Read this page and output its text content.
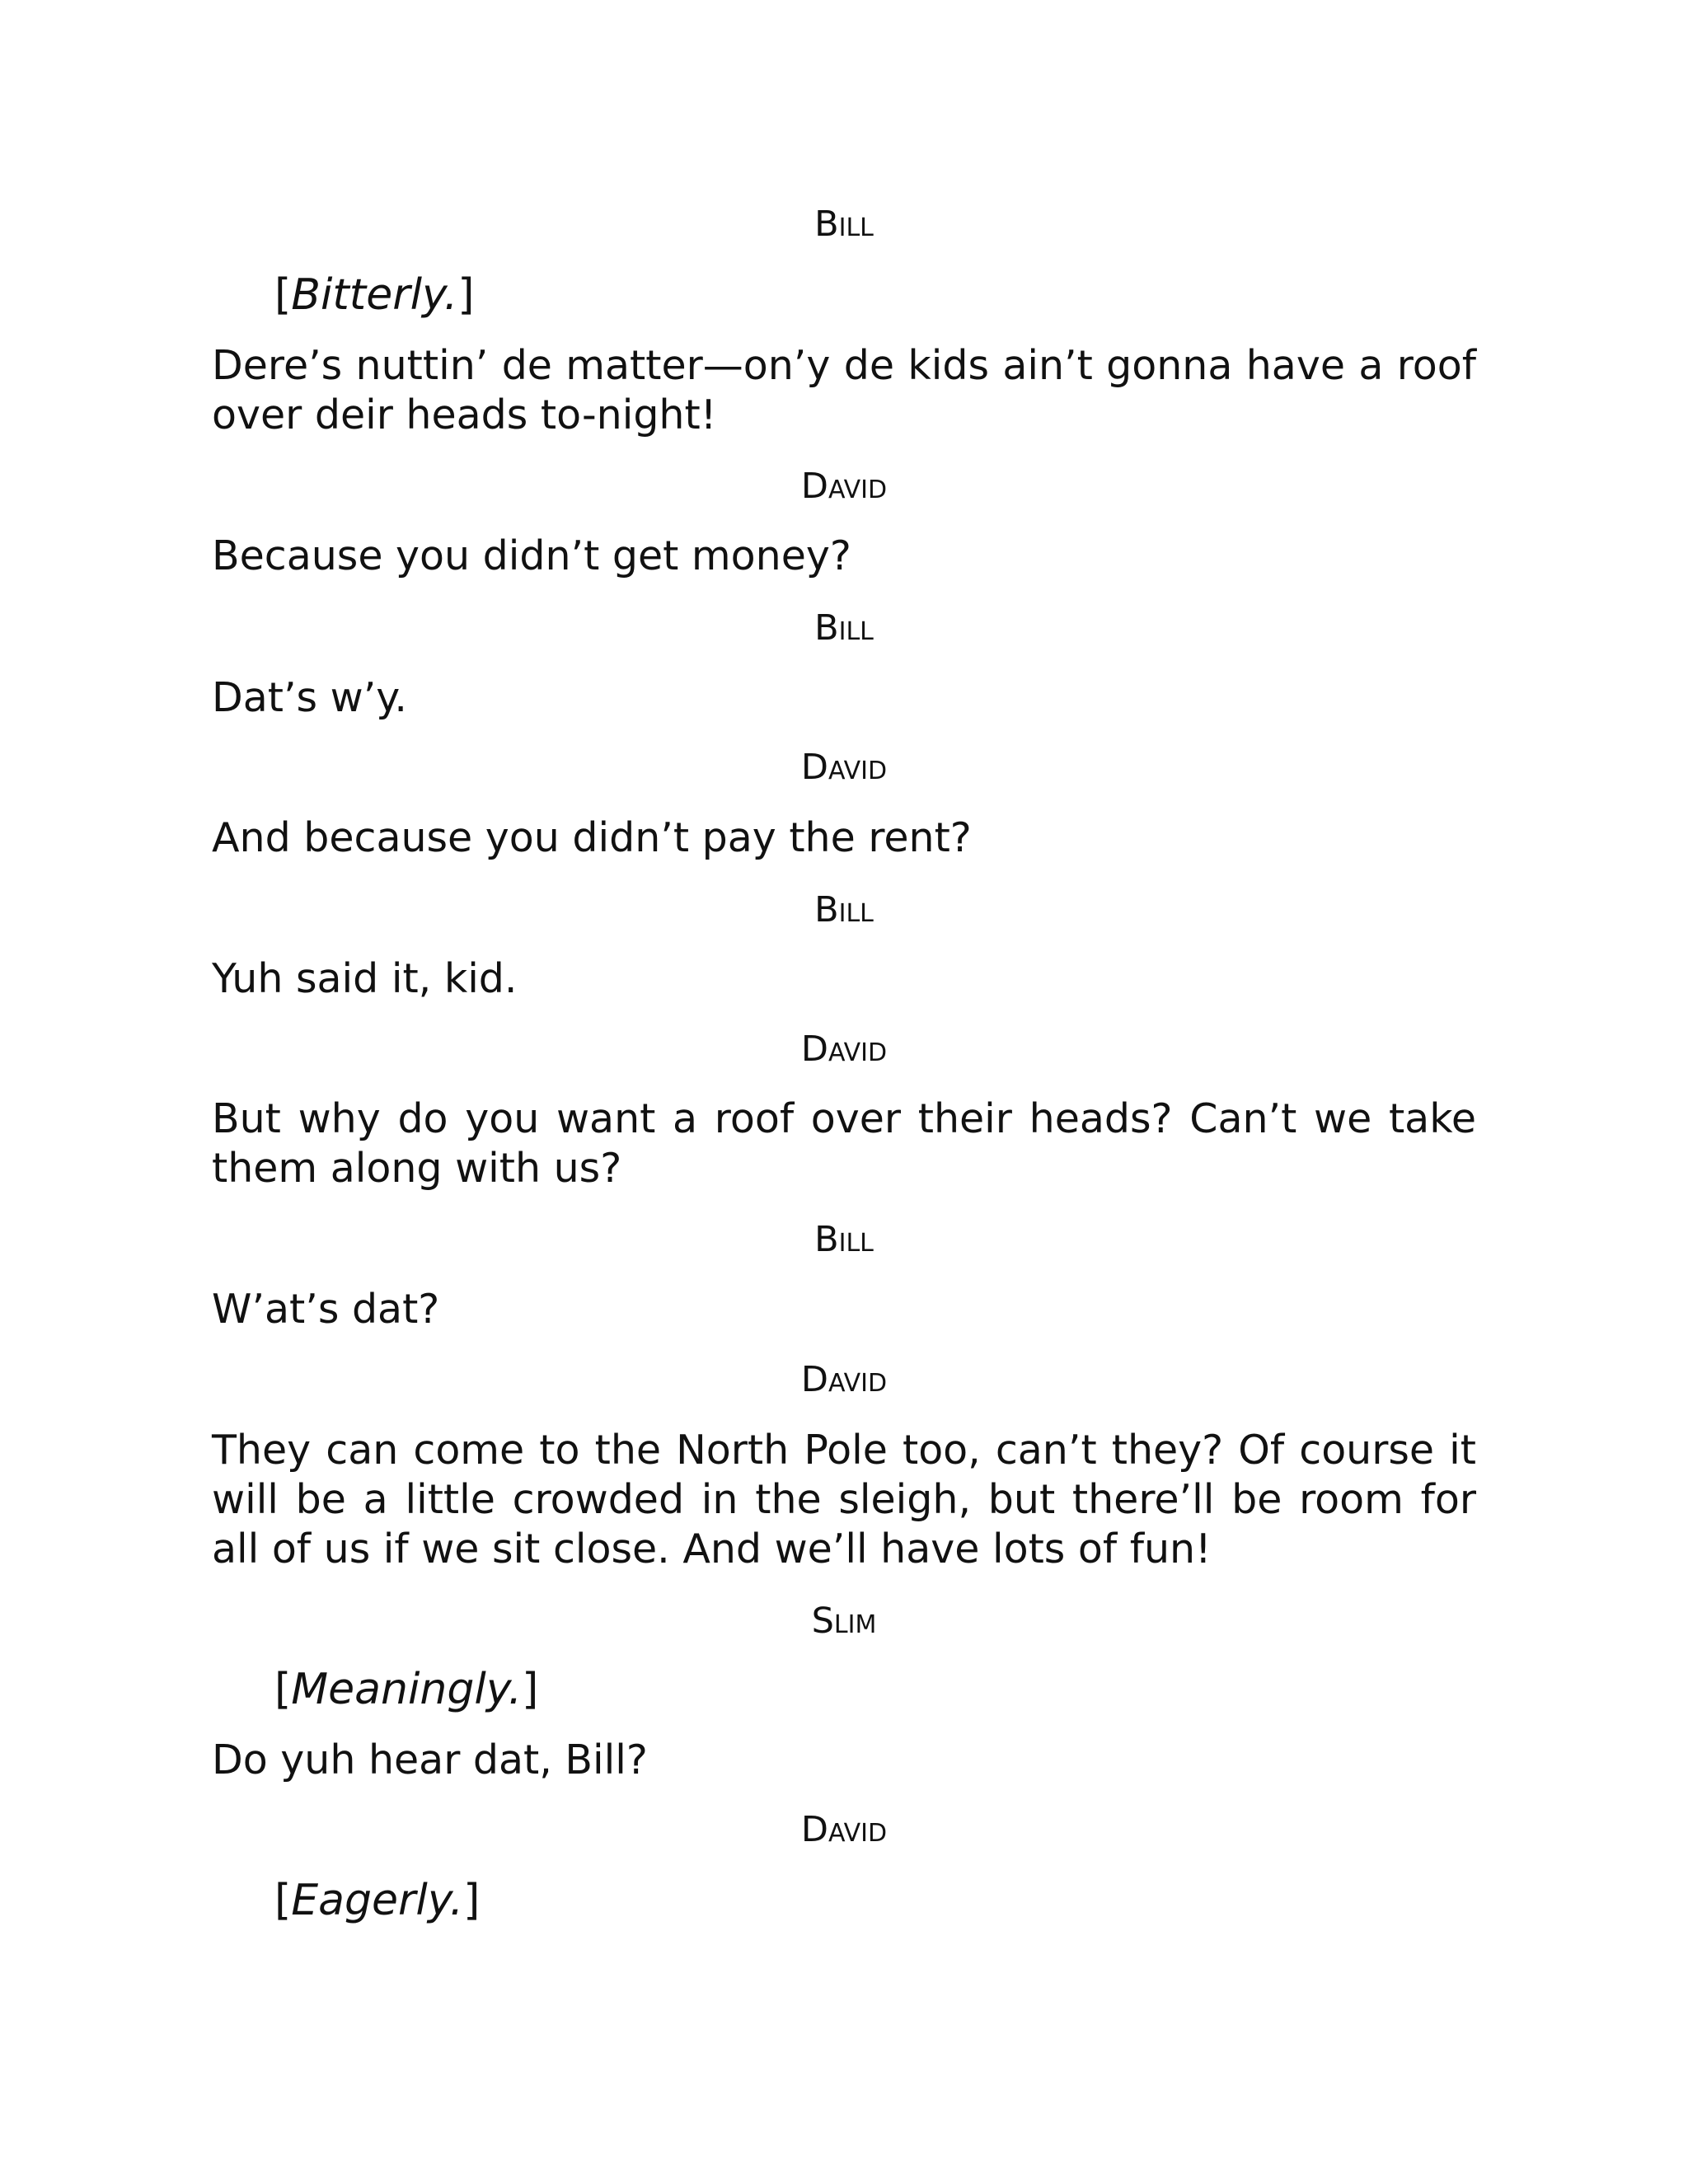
Bill
[Bitterly.]

Dere’s nuttin’ de matter—on’y de kids ain’t gonna have a roof over deir heads to-night!

David

Because you didn’t get money?

Bill

Dat’s w’y.

David

And because you didn’t pay the rent?

Bill

Yuh said it, kid.

David

But why do you want a roof over their heads? Can’t we take them along with us?

Bill

W’at’s dat?

David

They can come to the North Pole too, can’t they? Of course it will be a little crowded in the sleigh, but there’ll be room for all of us if we sit close. And we’ll have lots of fun!

Slim
[Meaningly.]

Do yuh hear dat, Bill?

David
[Eagerly.]
